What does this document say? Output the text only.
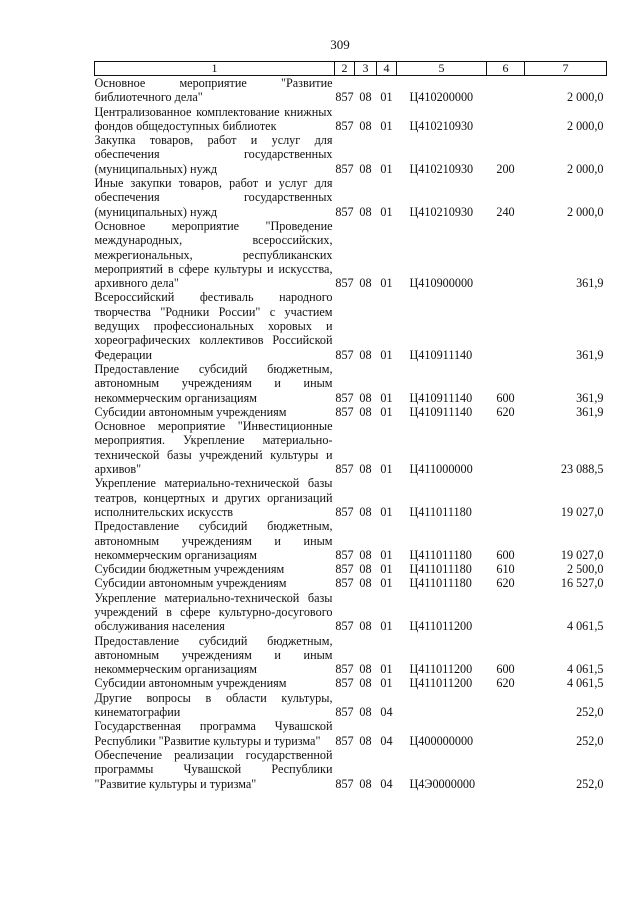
309
1	2	3	4	5	6	7
Основное мероприятие "Развитие библиотечного дела"	857	08	01	Ц410200000		2 000,0
Централизованное комплектование книжных фондов общедоступных библиотек	857	08	01	Ц410210930		2 000,0
Закупка товаров, работ и услуг для обеспечения государственных (муниципальных) нужд	857	08	01	Ц410210930	200	2 000,0
Иные закупки товаров, работ и услуг для обеспечения государственных (муниципальных) нужд	857	08	01	Ц410210930	240	2 000,0
Основное мероприятие "Проведение международных, всероссийских, межрегиональных, республиканских мероприятий в сфере культуры и искусства, архивного дела"	857	08	01	Ц410900000		361,9
Всероссийский фестиваль народного творчества "Родники России" с участием ведущих профессиональных хоровых и хореографических коллективов Российской Федерации	857	08	01	Ц410911140		361,9
Предоставление субсидий бюджетным, автономным учреждениям и иным некоммерческим организациям	857	08	01	Ц410911140	600	361,9
Субсидии автономным учреждениям	857	08	01	Ц410911140	620	361,9
Основное мероприятие "Инвестиционные мероприятия. Укрепление материально-технической базы учреждений культуры и архивов"	857	08	01	Ц411000000		23 088,5
Укрепление материально-технической базы театров, концертных и других организаций исполнительских искусств	857	08	01	Ц411011180		19 027,0
Предоставление субсидий бюджетным, автономным учреждениям и иным некоммерческим организациям	857	08	01	Ц411011180	600	19 027,0
Субсидии бюджетным учреждениям	857	08	01	Ц411011180	610	2 500,0
Субсидии автономным учреждениям	857	08	01	Ц411011180	620	16 527,0
Укрепление материально-технической базы учреждений в сфере культурно-досугового обслуживания населения	857	08	01	Ц411011200		4 061,5
Предоставление субсидий бюджетным, автономным учреждениям и иным некоммерческим организациям	857	08	01	Ц411011200	600	4 061,5
Субсидии автономным учреждениям	857	08	01	Ц411011200	620	4 061,5
Другие вопросы в области культуры, кинематографии	857	08	04			252,0
Государственная программа Чувашской Республики "Развитие культуры и туризма"	857	08	04	Ц400000000		252,0
Обеспечение реализации государственной программы Чувашской Республики "Развитие культуры и туризма"	857	08	04	Ц4Э0000000		252,0
